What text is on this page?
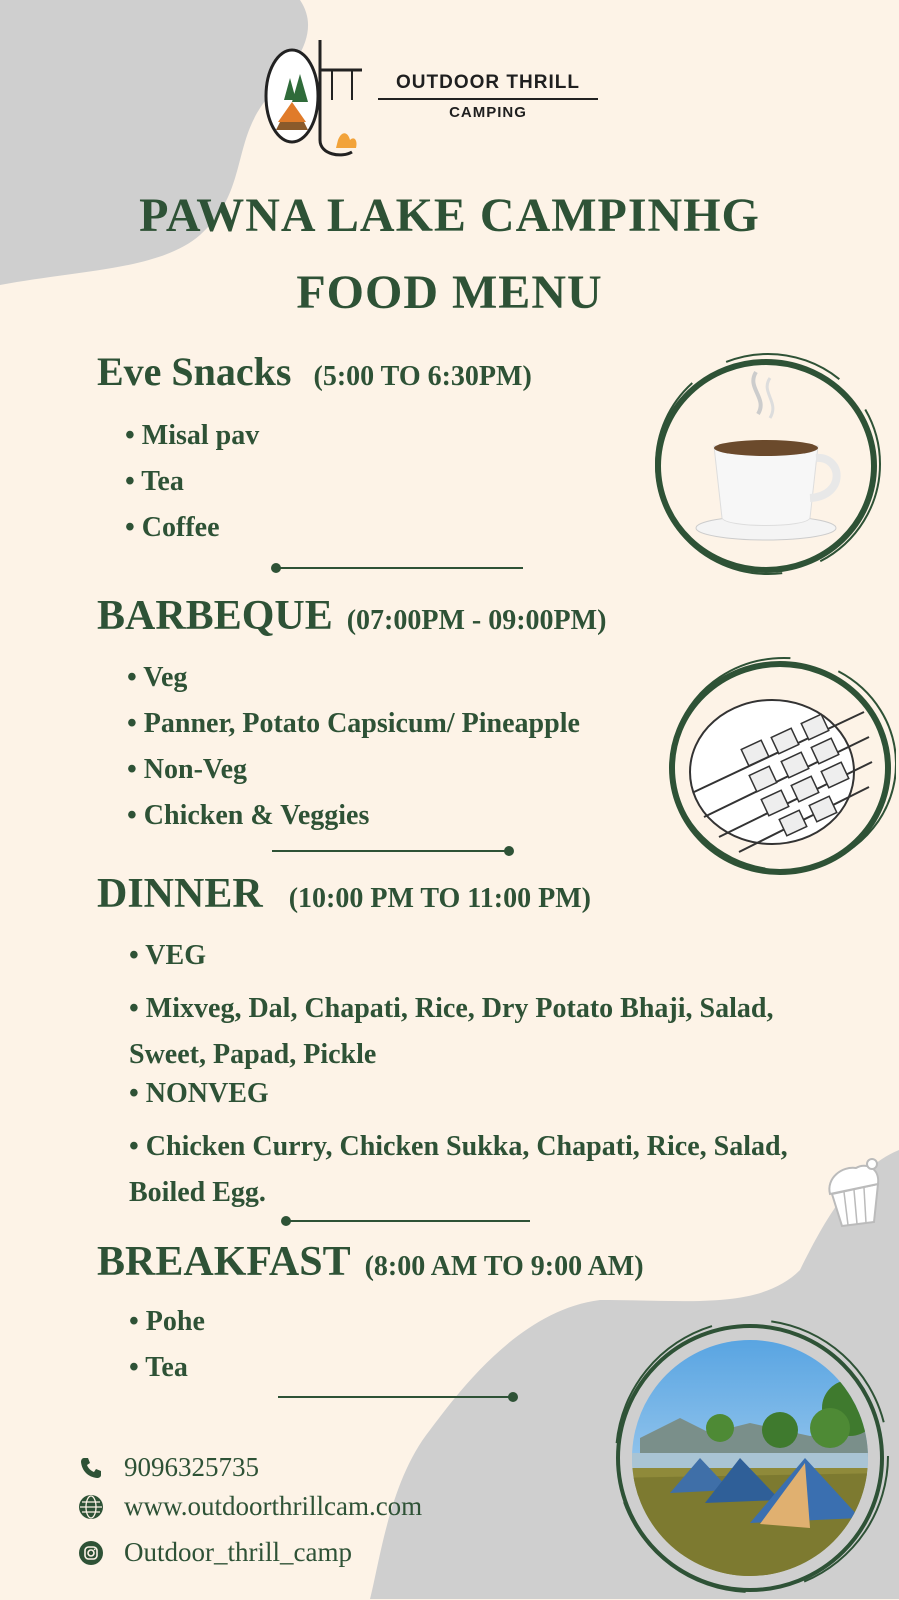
OUTDOOR THRILL
CAMPING
PAWNA LAKE CAMPINHG
FOOD MENU
Eve Snacks (5:00 TO 6:30PM)
• Misal pav
• Tea
• Coffee
BARBEQUE (07:00PM - 09:00PM)
• Veg
• Panner, Potato Capsicum/ Pineapple
• Non-Veg
• Chicken & Veggies
DINNER (10:00 PM TO 11:00 PM)
• VEG
• Mixveg, Dal, Chapati, Rice, Dry Potato Bhaji, Salad, Sweet, Papad, Pickle
• NONVEG
• Chicken Curry, Chicken Sukka, Chapati, Rice, Salad, Boiled Egg.
BREAKFAST (8:00 AM TO 9:00 AM)
• Pohe
• Tea
9096325735
www.outdoorthrillcam.com
Outdoor_thrill_camp
